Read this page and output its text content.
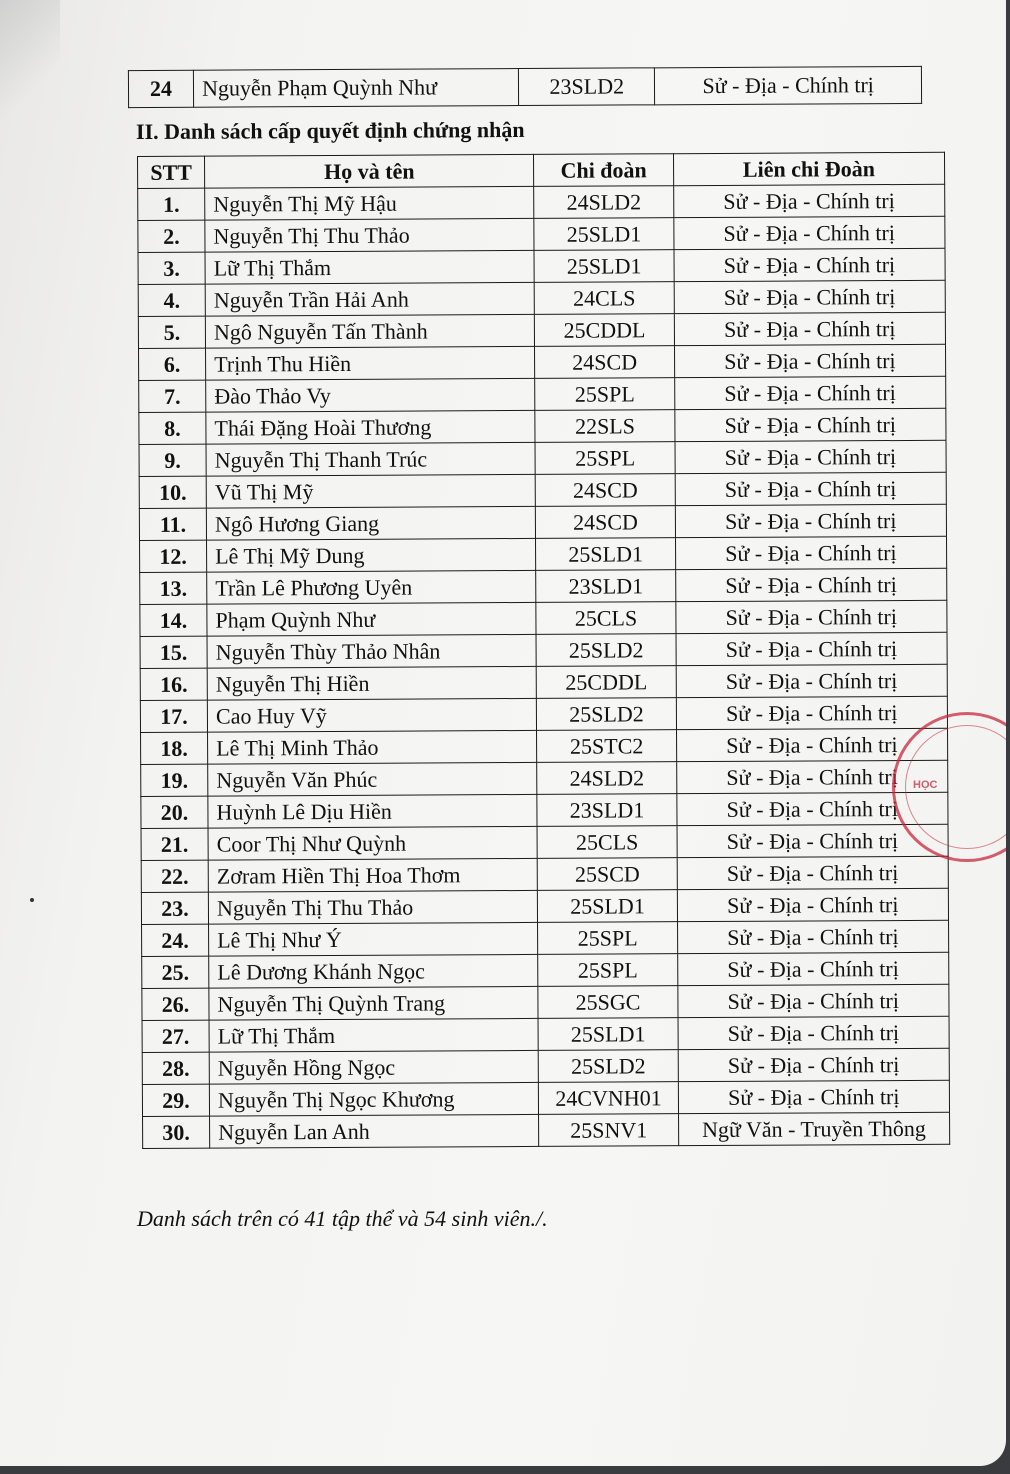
24	Nguyễn Phạm Quỳnh Như	23SLD2	Sử - Địa - Chính trị
II. Danh sách cấp quyết định chứng nhận
STT	Họ và tên	Chi đoàn	Liên chi Đoàn
1.	Nguyễn Thị Mỹ Hậu	24SLD2	Sử - Địa - Chính trị
2.	Nguyễn Thị Thu Thảo	25SLD1	Sử - Địa - Chính trị
3.	Lữ Thị Thắm	25SLD1	Sử - Địa - Chính trị
4.	Nguyễn Trần Hải Anh	24CLS	Sử - Địa - Chính trị
5.	Ngô Nguyễn Tấn Thành	25CDDL	Sử - Địa - Chính trị
6.	Trịnh Thu Hiền	24SCD	Sử - Địa - Chính trị
7.	Đào Thảo Vy	25SPL	Sử - Địa - Chính trị
8.	Thái Đặng Hoài Thương	22SLS	Sử - Địa - Chính trị
9.	Nguyễn Thị Thanh Trúc	25SPL	Sử - Địa - Chính trị
10.	Vũ Thị Mỹ	24SCD	Sử - Địa - Chính trị
11.	Ngô Hương Giang	24SCD	Sử - Địa - Chính trị
12.	Lê Thị Mỹ Dung	25SLD1	Sử - Địa - Chính trị
13.	Trần Lê Phương Uyên	23SLD1	Sử - Địa - Chính trị
14.	Phạm Quỳnh Như	25CLS	Sử - Địa - Chính trị
15.	Nguyễn Thùy Thảo Nhân	25SLD2	Sử - Địa - Chính trị
16.	Nguyễn Thị Hiền	25CDDL	Sử - Địa - Chính trị
17.	Cao Huy Vỹ	25SLD2	Sử - Địa - Chính trị
18.	Lê Thị Minh Thảo	25STC2	Sử - Địa - Chính trị
19.	Nguyễn Văn Phúc	24SLD2	Sử - Địa - Chính trị
20.	Huỳnh Lê Dịu Hiền	23SLD1	Sử - Địa - Chính trị
21.	Coor Thị Như Quỳnh	25CLS	Sử - Địa - Chính trị
22.	Zơram Hiền Thị Hoa Thơm	25SCD	Sử - Địa - Chính trị
23.	Nguyễn Thị Thu Thảo	25SLD1	Sử - Địa - Chính trị
24.	Lê Thị Như Ý	25SPL	Sử - Địa - Chính trị
25.	Lê Dương Khánh Ngọc	25SPL	Sử - Địa - Chính trị
26.	Nguyễn Thị Quỳnh Trang	25SGC	Sử - Địa - Chính trị
27.	Lữ Thị Thắm	25SLD1	Sử - Địa - Chính trị
28.	Nguyễn Hồng Ngọc	25SLD2	Sử - Địa - Chính trị
29.	Nguyễn Thị Ngọc Khương	24CVNH01	Sử - Địa - Chính trị
30.	Nguyễn Lan Anh	25SNV1	Ngữ Văn - Truyền Thông
Danh sách trên có 41 tập thể và 54 sinh viên./.
HỌC
